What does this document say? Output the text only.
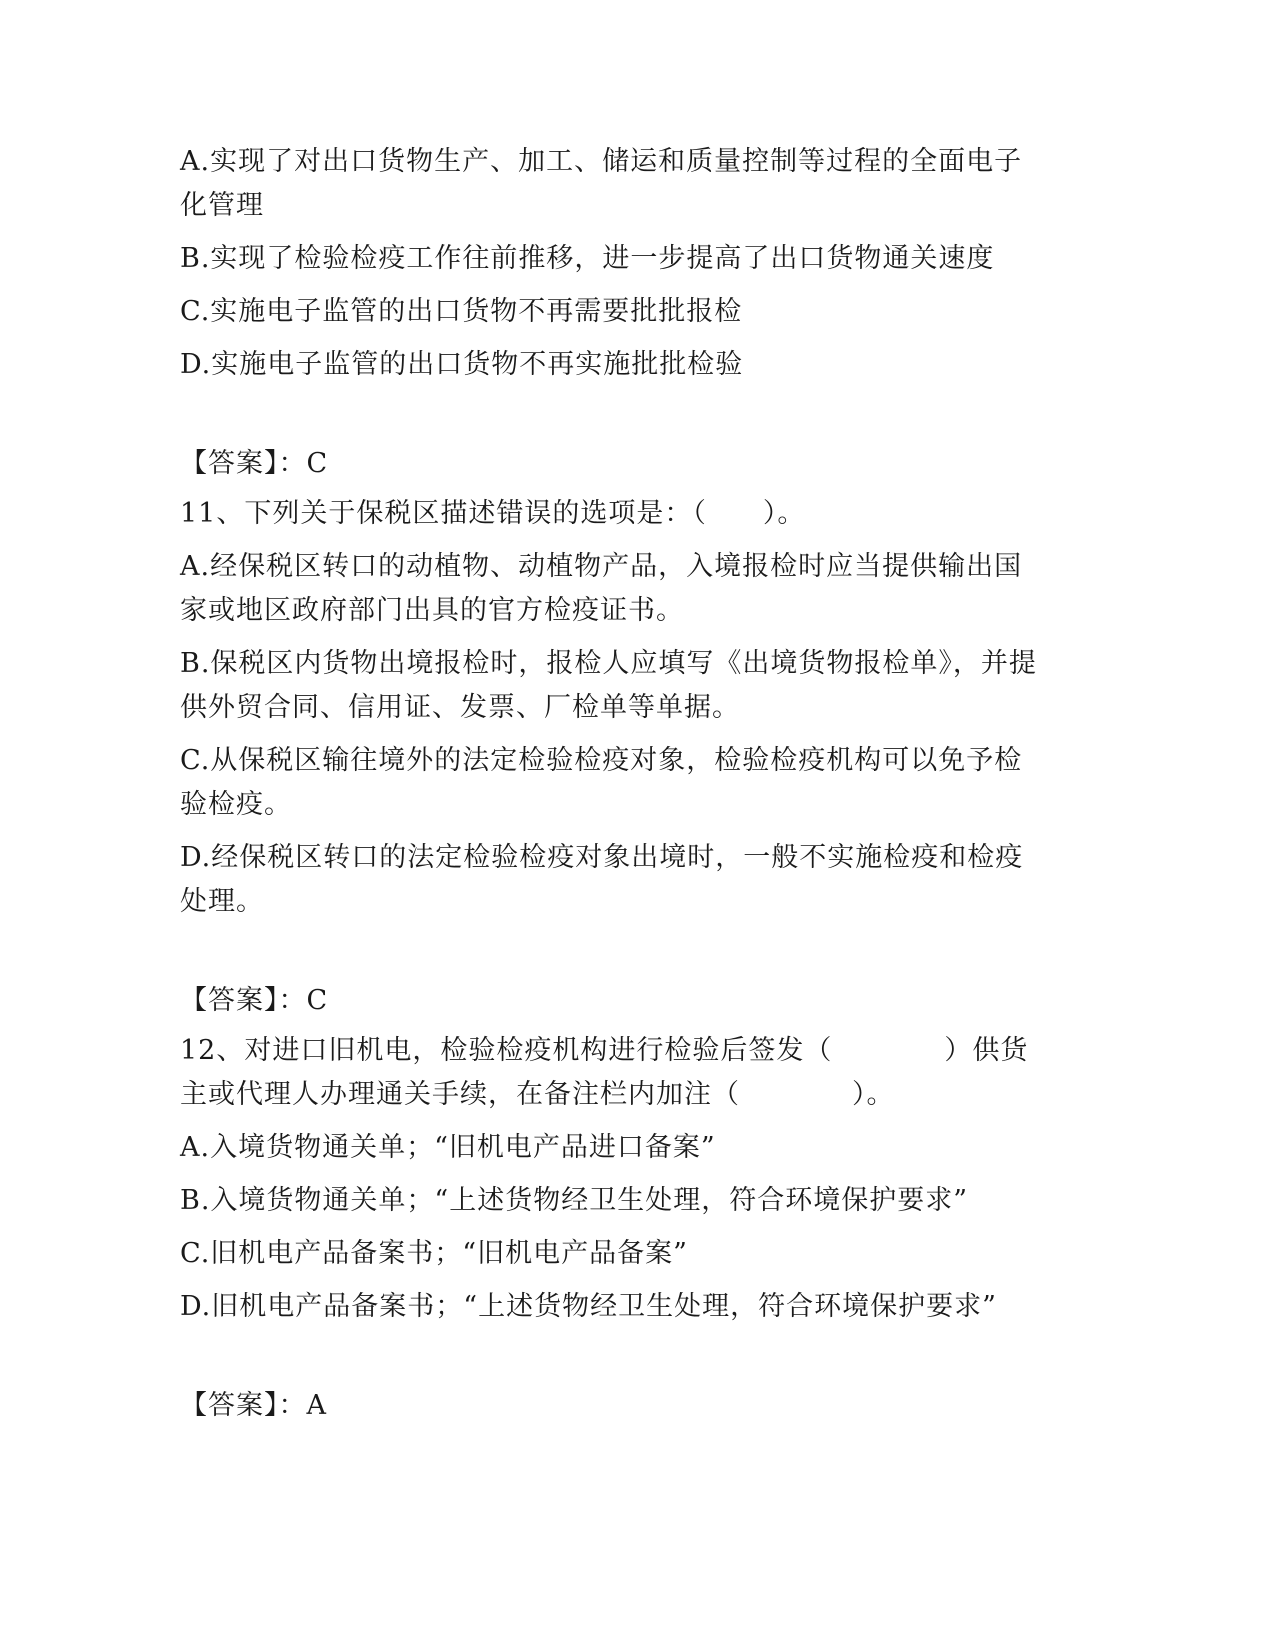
A.实现了对出口货物生产、加工、储运和质量控制等过程的全面电子化管理

B.实现了检验检疫工作往前推移，进一步提高了出口货物通关速度

C.实施电子监管的出口货物不再需要批批报检

D.实施电子监管的出口货物不再实施批批检验

【答案】：C

11、下列关于保税区描述错误的选项是：（　　）。

A.经保税区转口的动植物、动植物产品，入境报检时应当提供输出国家或地区政府部门出具的官方检疫证书。

B.保税区内货物出境报检时，报检人应填写《出境货物报检单》，并提供外贸合同、信用证、发票、厂检单等单据。

C.从保税区输往境外的法定检验检疫对象，检验检疫机构可以免予检验检疫。

D.经保税区转口的法定检验检疫对象出境时，一般不实施检疫和检疫处理。

【答案】：C

12、对进口旧机电，检验检疫机构进行检验后签发（　　　　）供货主或代理人办理通关手续，在备注栏内加注（　　　　）。

A.入境货物通关单；“旧机电产品进口备案”

B.入境货物通关单；“上述货物经卫生处理，符合环境保护要求”

C.旧机电产品备案书；“旧机电产品备案”

D.旧机电产品备案书；“上述货物经卫生处理，符合环境保护要求”

【答案】：A
